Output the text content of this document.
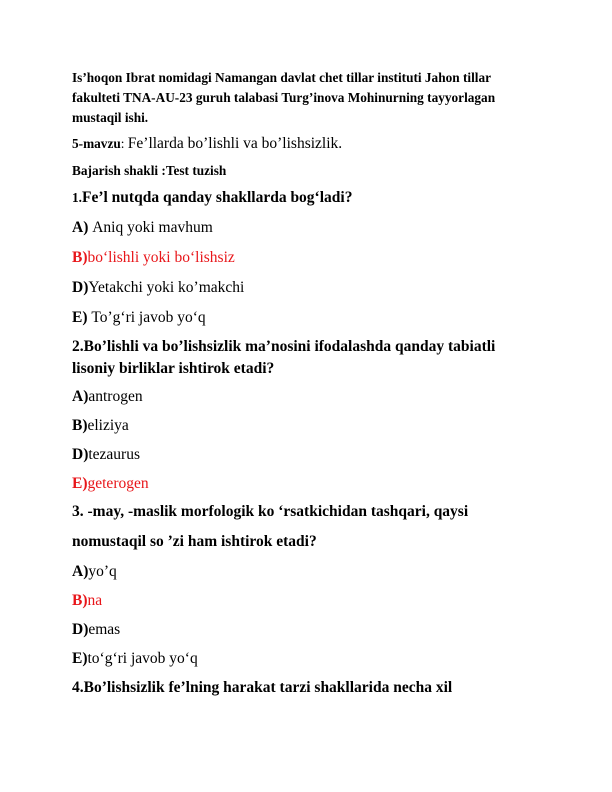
Is’hoqon Ibrat nomidagi Namangan davlat chet tillar instituti Jahon tillar
fakulteti TNA-AU-23 guruh talabasi Turg’inova Mohinurning tayyorlagan
mustaqil ishi.
5-mavzu: Fe’llarda bo’lishli va bo’lishsizlik.
Bajarish shakli :Test tuzish
1.Fe’l nutqda qanday shakllarda bog‘ladi?
A) Aniq yoki mavhum
B)bo‘lishli yoki bo‘lishsiz
D)Yetakchi yoki ko’makchi
E) To’g‘ri javob yo‘q
2.Bo’lishli va bo’lishsizlik ma’nosini ifodalashda qanday tabiatli
lisoniy birliklar ishtirok etadi?
A)antrogen
B)eliziya
D)tezaurus
E)geterogen
3. -may, -maslik morfologik ko ‘rsatkichidan tashqari, qaysi
nomustaqil so ’zi ham ishtirok etadi?
A)yo’q
B)na
D)emas
E)to‘g‘ri javob yo‘q
4.Bo’lishsizlik fe’lning harakat tarzi shakllarida necha xil
